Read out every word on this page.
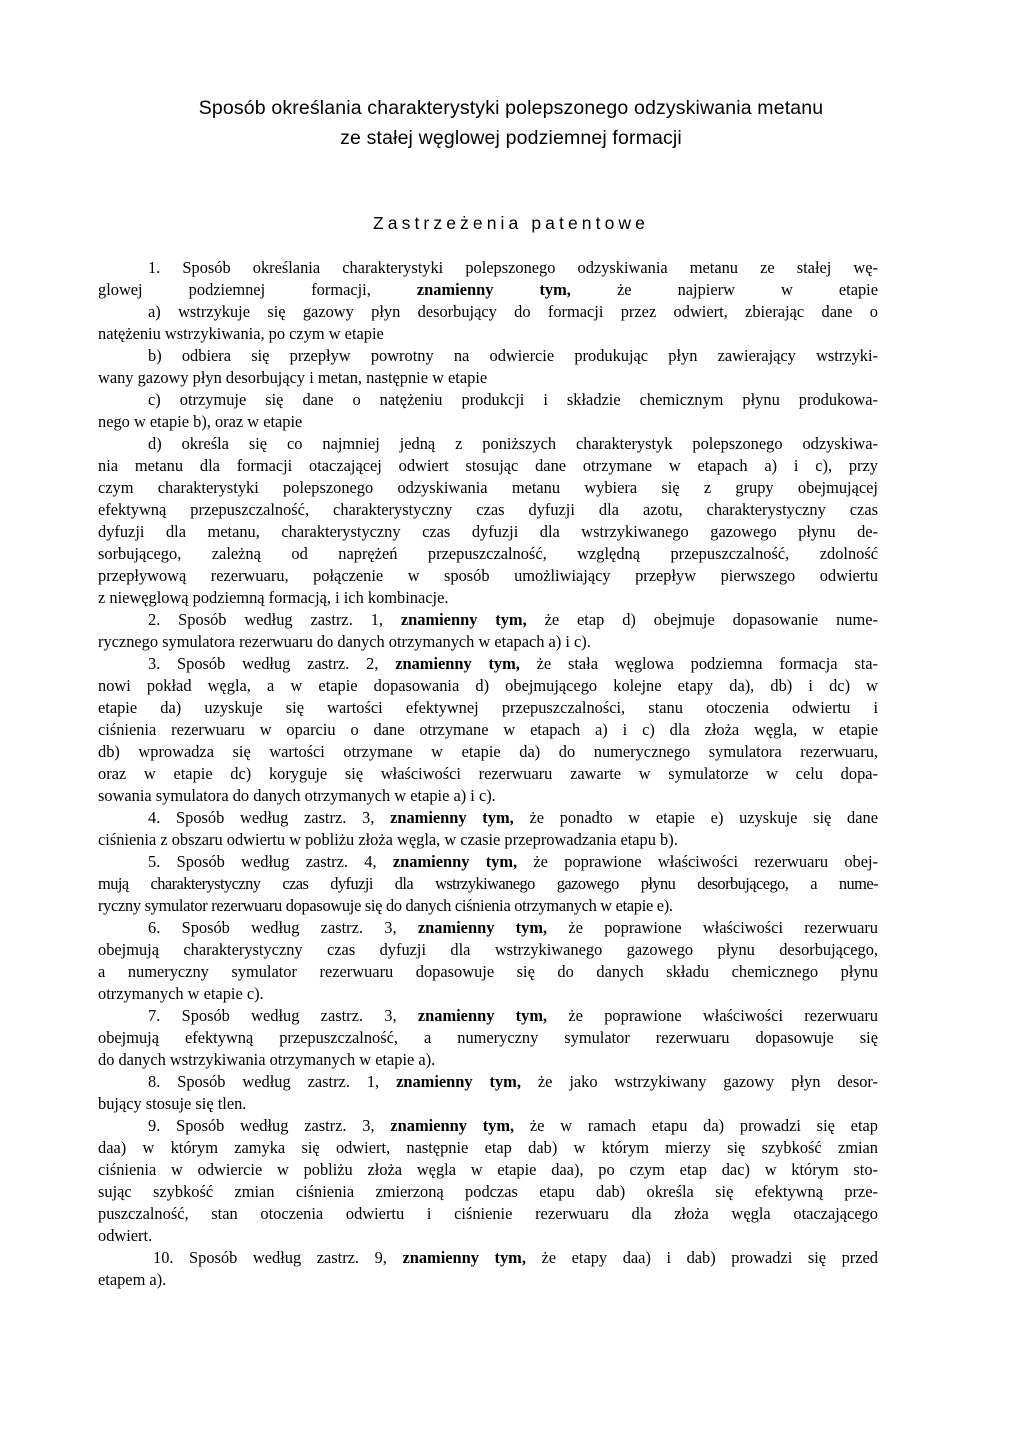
Sposób określania charakterystyki polepszonego odzyskiwania metanu
ze stałej węglowej podziemnej formacji
Zastrzeżenia patentowe
1. Sposób określania charakterystyki polepszonego odzyskiwania metanu ze stałej wę-
glowej podziemnej formacji,	znamienny tym,	że najpierw w etapie
a) wstrzykuje się gazowy płyn desorbujący do formacji przez odwiert, zbierając dane o
natężeniu wstrzykiwania, po czym w etapie
b) odbiera się przepływ powrotny na odwiercie produkując płyn zawierający wstrzyki-
wany gazowy płyn desorbujący i metan, następnie w etapie
c) otrzymuje się dane o natężeniu produkcji i składzie chemicznym płynu produkowa-
nego w etapie b), oraz w etapie
d) określa się co najmniej jedną z poniższych charakterystyk polepszonego odzyskiwa-
nia metanu dla formacji otaczającej odwiert stosując dane otrzymane w etapach a) i c), przy
czym charakterystyki polepszonego odzyskiwania metanu wybiera się z grupy obejmującej
efektywną przepuszczalność, charakterystyczny czas dyfuzji dla azotu, charakterystyczny czas
dyfuzji dla metanu, charakterystyczny czas dyfuzji dla wstrzykiwanego gazowego płynu de-
sorbującego, zależną od naprężeń przepuszczalność, względną przepuszczalność, zdolność
przepływową rezerwuaru, połączenie w sposób umożliwiający przepływ pierwszego odwiertu
z niewęglową podziemną formacją, i ich kombinacje.
2. Sposób według zastrz. 1, znamienny tym, że etap d) obejmuje dopasowanie nume-
rycznego symulatora rezerwuaru do danych otrzymanych w etapach a) i c).
3. Sposób według zastrz. 2, znamienny tym, że stała węglowa podziemna formacja sta-
nowi pokład węgla, a w etapie dopasowania d) obejmującego kolejne etapy da), db) i dc) w
etapie da) uzyskuje się wartości efektywnej przepuszczalności, stanu otoczenia odwiertu i
ciśnienia rezerwuaru w oparciu o dane otrzymane w etapach a) i c) dla złoża węgla, w etapie
db) wprowadza się wartości otrzymane w etapie da) do numerycznego symulatora rezerwuaru,
oraz w etapie dc) koryguje się właściwości rezerwuaru zawarte w symulatorze w celu dopa-
sowania symulatora do danych otrzymanych w etapie a) i c).
4. Sposób według zastrz. 3, znamienny tym, że ponadto w etapie e) uzyskuje się dane
ciśnienia z obszaru odwiertu w pobliżu złoża węgla, w czasie przeprowadzania etapu b).
5. Sposób według zastrz. 4, znamienny tym, że poprawione właściwości rezerwuaru obej-
mują charakterystyczny czas dyfuzji dla wstrzykiwanego gazowego płynu desorbującego, a nume-
ryczny symulator rezerwuaru dopasowuje się do danych ciśnienia otrzymanych w etapie e).
6. Sposób według zastrz. 3, znamienny tym, że poprawione właściwości rezerwuaru
obejmują charakterystyczny czas dyfuzji dla wstrzykiwanego gazowego płynu desorbującego,
a numeryczny symulator rezerwuaru dopasowuje się do danych składu chemicznego płynu
otrzymanych w etapie c).
7. Sposób według zastrz. 3, znamienny tym, że poprawione właściwości rezerwuaru
obejmują efektywną przepuszczalność, a numeryczny symulator rezerwuaru dopasowuje się
do danych wstrzykiwania otrzymanych w etapie a).
8. Sposób według zastrz. 1, znamienny tym, że jako wstrzykiwany gazowy płyn desor-
bujący stosuje się tlen.
9. Sposób według zastrz. 3, znamienny tym, że w ramach etapu da) prowadzi się etap
daa) w którym zamyka się odwiert, następnie etap dab) w którym mierzy się szybkość zmian
ciśnienia w odwiercie w pobliżu złoża węgla w etapie daa), po czym etap dac) w którym sto-
sując szybkość zmian ciśnienia zmierzoną podczas etapu dab) określa się efektywną prze-
puszczalność, stan otoczenia odwiertu i ciśnienie rezerwuaru dla złoża węgla otaczającego
odwiert.
10. Sposób według zastrz. 9, znamienny tym, że etapy daa) i dab) prowadzi się przed
etapem a).
